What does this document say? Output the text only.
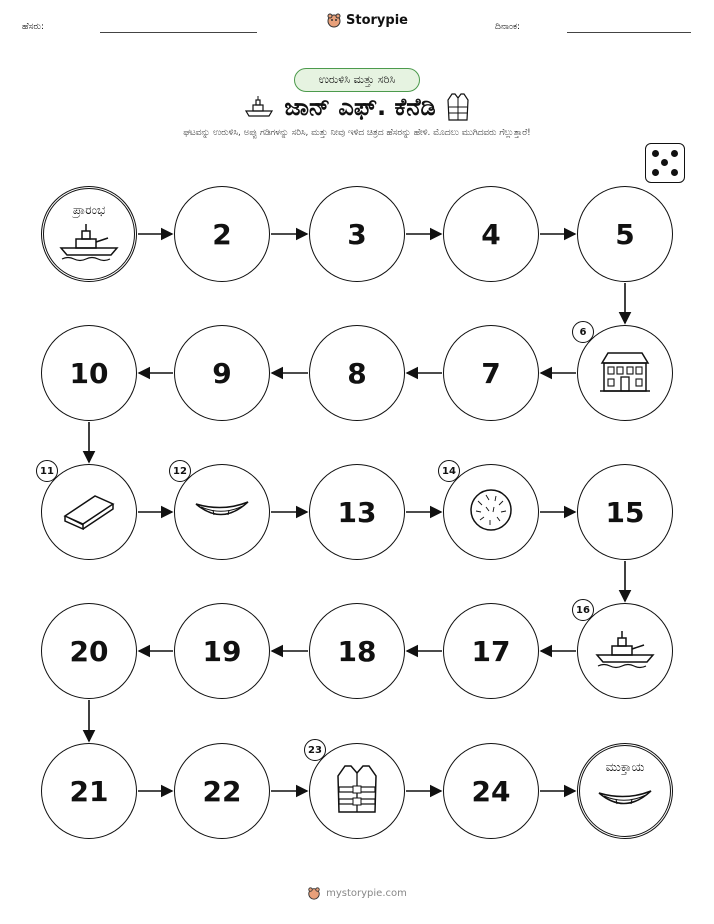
ಹೆಸರು:	Storypie	ದಿನಾಂಕ:
ಉರುಳಿಸಿ ಮತ್ತು ಸರಿಸಿ
ಜಾನ್ ಎಫ್. ಕೆನೆಡಿ
ಘಟವನ್ನು ಉರುಳಿಸಿ, ಅಪ್ಪು ಗಡಿಗಳನ್ನು ಸರಿಸಿ, ಮತ್ತು ನೀವು ಇಳಿದ ಚಿತ್ರದ ಹೆಸರನ್ನು ಹೇಳಿ. ಮೊದಲು ಮುಗಿದವರು ಗೆಲ್ಲುತ್ತಾರೆ!
ಪ್ರಾರಂಭ
2	3	4	5
6
7
8
9
10
11	12
13
14
15
16
17
18
19
20
21	22
23
24
ಮುಕ್ತಾಯ
mystorypie.com
